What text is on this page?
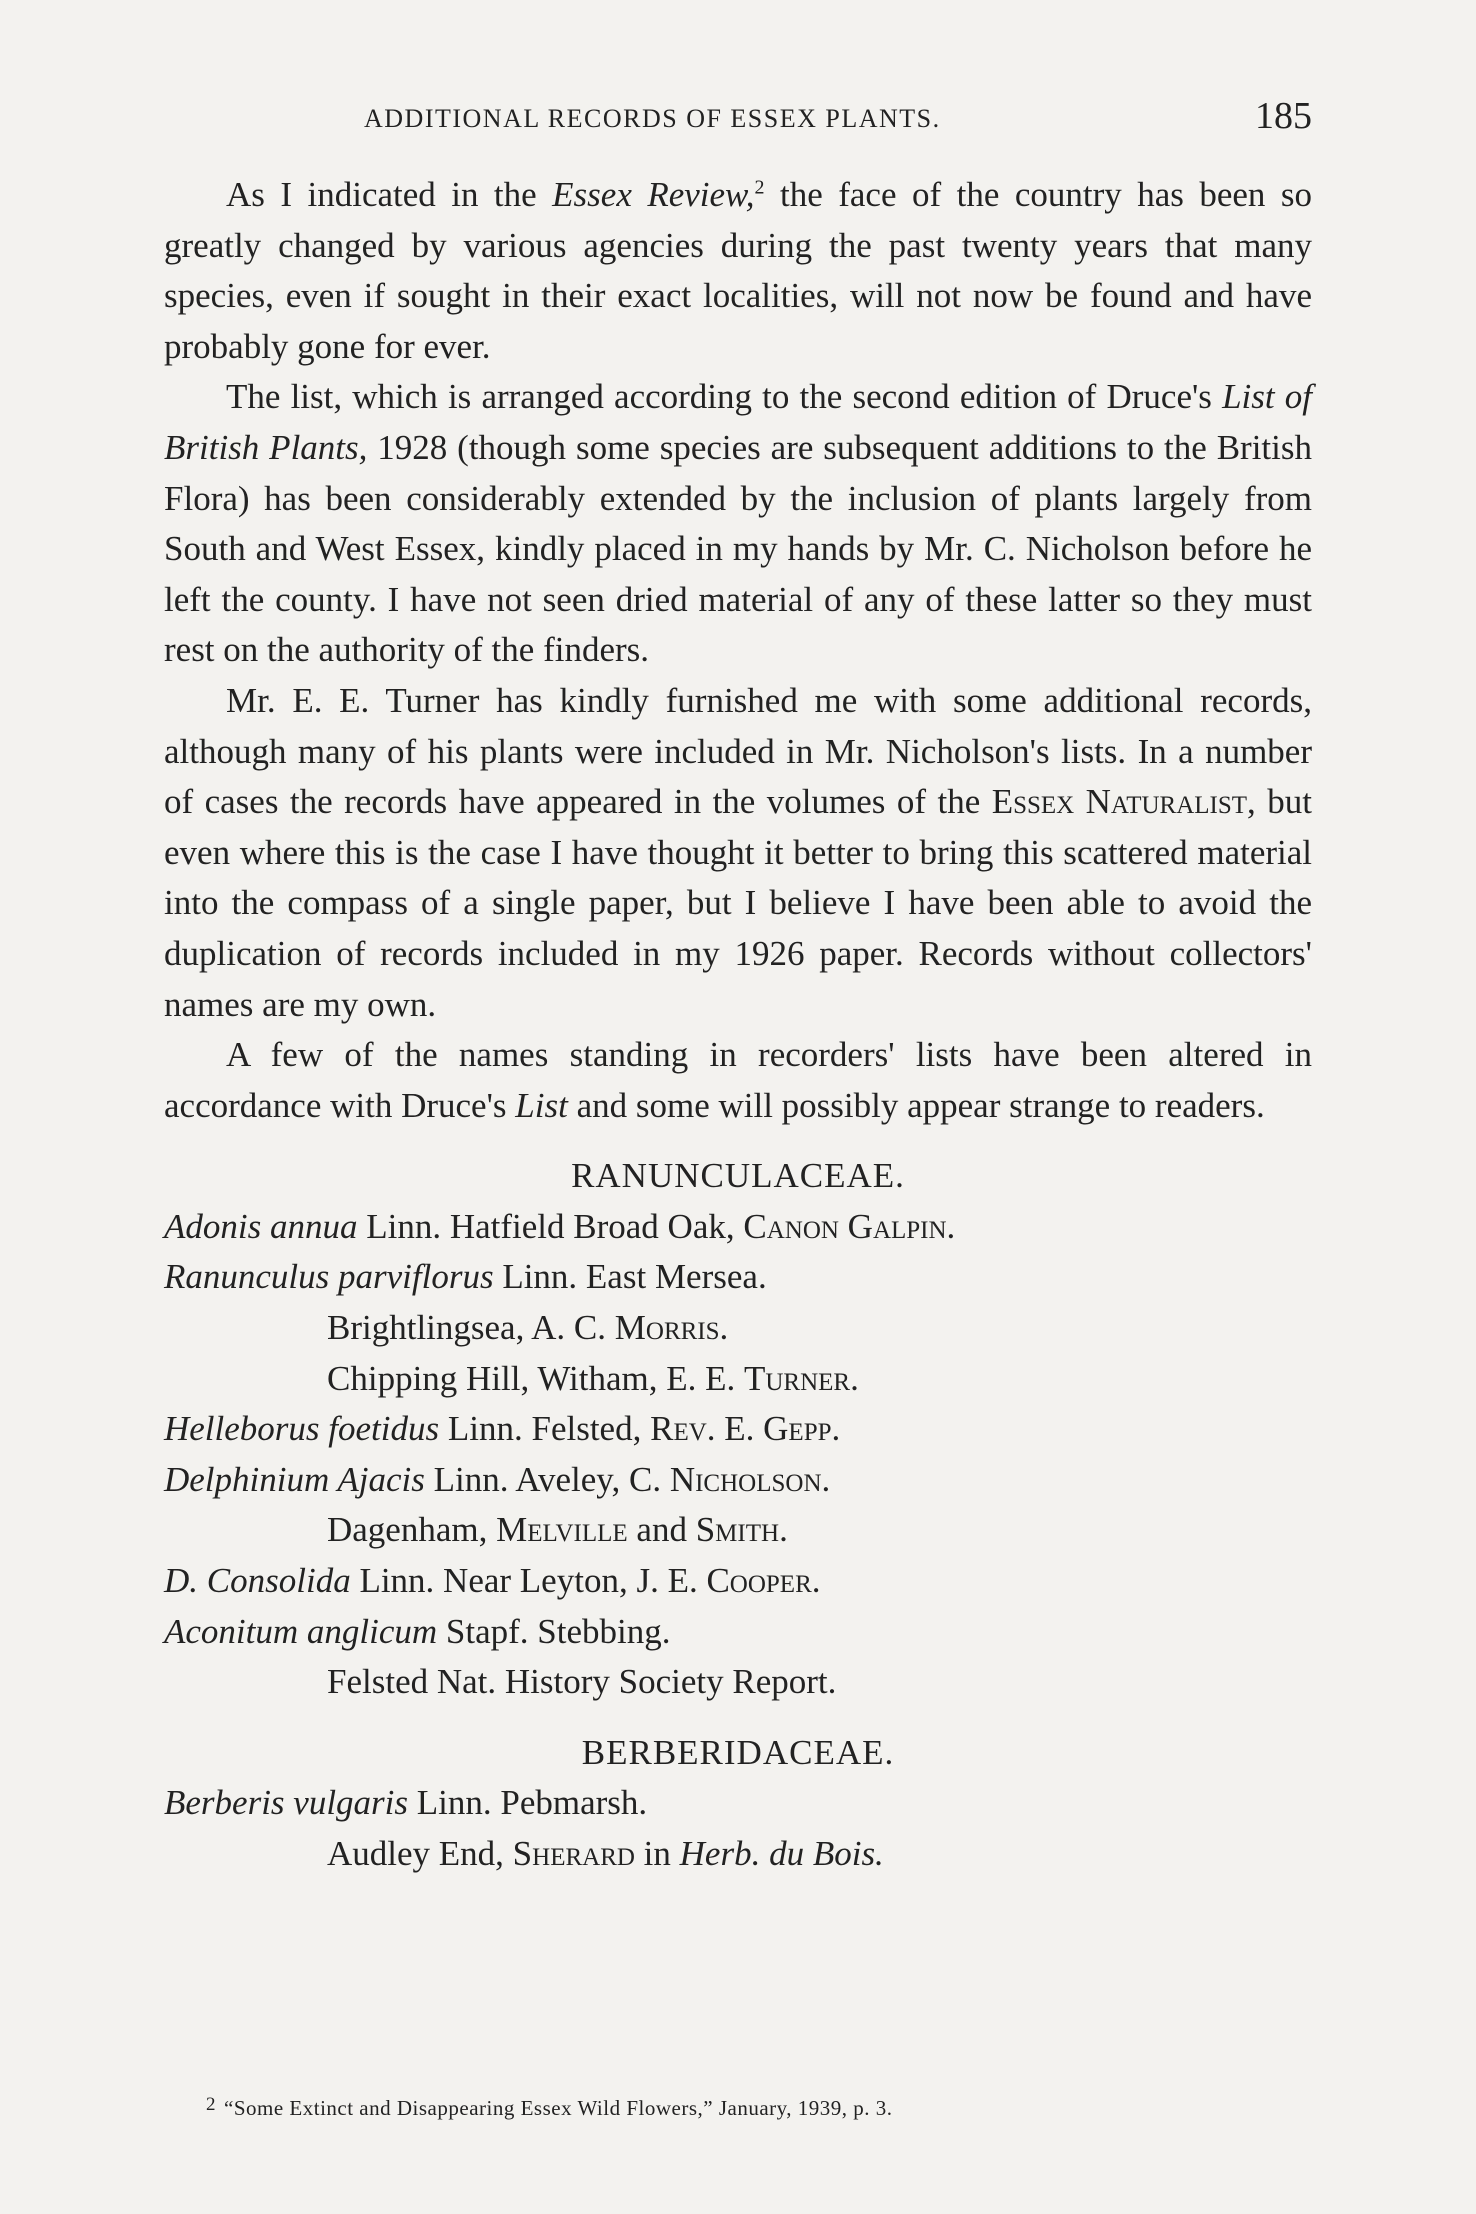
ADDITIONAL RECORDS OF ESSEX PLANTS.	185

As I indicated in the Essex Review,$^2$ the face of the country has been so greatly changed by various agencies during the past twenty years that many species, even if sought in their exact localities, will not now be found and have probably gone for ever.

The list, which is arranged according to the second edition of Druce's List of British Plants, 1928 (though some species are subsequent additions to the British Flora) has been considerably extended by the inclusion of plants largely from South and West Essex, kindly placed in my hands by Mr. C. Nicholson before he left the county. I have not seen dried material of any of these latter so they must rest on the authority of the finders.

Mr. E. E. Turner has kindly furnished me with some additional records, although many of his plants were included in Mr. Nicholson's lists. In a number of cases the records have appeared in the volumes of the Essex Naturalist, but even where this is the case I have thought it better to bring this scattered material into the compass of a single paper, but I believe I have been able to avoid the duplication of records included in my 1926 paper. Records without collectors' names are my own.

A few of the names standing in recorders' lists have been altered in accordance with Druce's List and some will possibly appear strange to readers.

RANUNCULACEAE.

Adonis annua Linn. Hatfield Broad Oak, Canon Galpin.

Ranunculus parviflorus Linn. East Mersea.

Brightlingsea, A. C. Morris.

Chipping Hill, Witham, E. E. Turner.

Helleborus foetidus Linn. Felsted, Rev. E. Gepp.

Delphinium Ajacis Linn. Aveley, C. Nicholson.

Dagenham, Melville and Smith.

D. Consolida Linn. Near Leyton, J. E. Cooper.

Aconitum anglicum Stapf. Stebbing.

Felsted Nat. History Society Report.

BERBERIDACEAE.

Berberis vulgaris Linn. Pebmarsh.

Audley End, Sherard in Herb. du Bois.

2 “Some Extinct and Disappearing Essex Wild Flowers,” January, 1939, p. 3.
